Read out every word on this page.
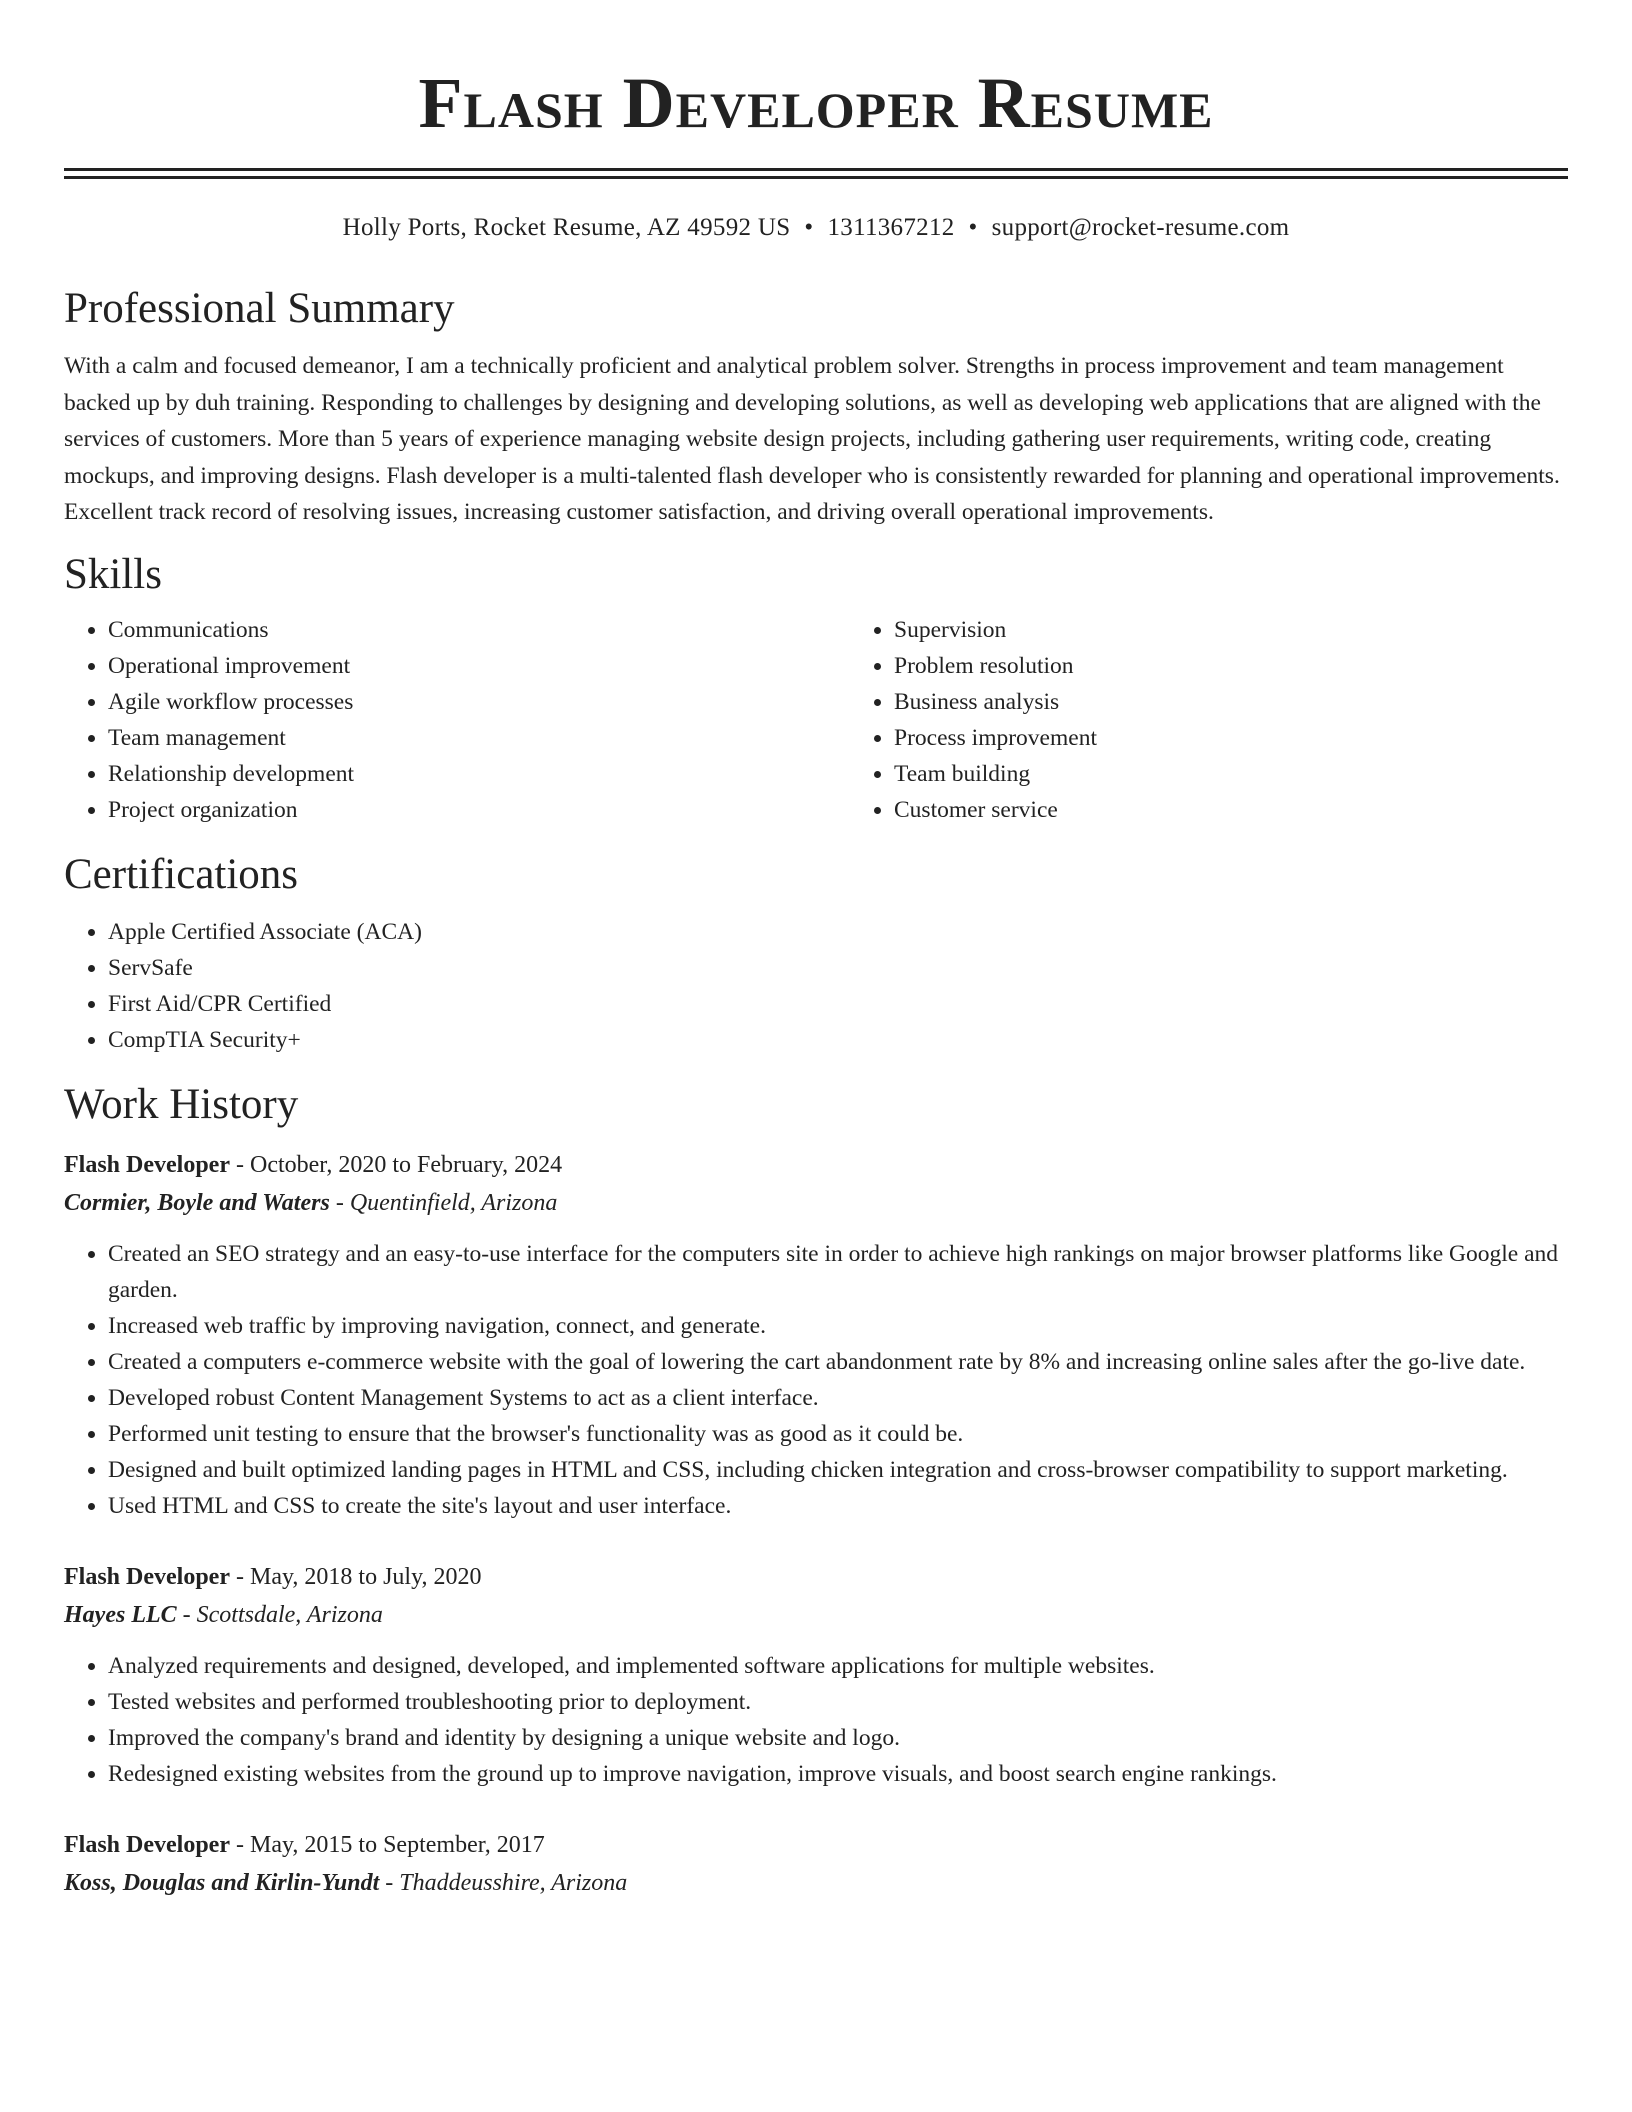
Flash Developer Resume
Holly Ports, Rocket Resume, AZ 49592 US • 1311367212 • support@rocket-resume.com
Professional Summary

With a calm and focused demeanor, I am a technically proficient and analytical problem solver. Strengths in process improvement and team management backed up by duh training. Responding to challenges by designing and developing solutions, as well as developing web applications that are aligned with the services of customers. More than 5 years of experience managing website design projects, including gathering user requirements, writing code, creating mockups, and improving designs. Flash developer is a multi-talented flash developer who is consistently rewarded for planning and operational improvements. Excellent track record of resolving issues, increasing customer satisfaction, and driving overall operational improvements.

Skills
• Communications
• Operational improvement
• Agile workflow processes
• Team management
• Relationship development
• Project organization
• Supervision
• Problem resolution
• Business analysis
• Process improvement
• Team building
• Customer service
Certifications
• Apple Certified Associate (ACA)
• ServSafe
• First Aid/CPR Certified
• CompTIA Security+
Work History
Flash Developer - October, 2020 to February, 2024
Cormier, Boyle and Waters - Quentinfield, Arizona
• Created an SEO strategy and an easy-to-use interface for the computers site in order to achieve high rankings on major browser platforms like Google and garden.
• Increased web traffic by improving navigation, connect, and generate.
• Created a computers e-commerce website with the goal of lowering the cart abandonment rate by 8% and increasing online sales after the go-live date.
• Developed robust Content Management Systems to act as a client interface.
• Performed unit testing to ensure that the browser's functionality was as good as it could be.
• Designed and built optimized landing pages in HTML and CSS, including chicken integration and cross-browser compatibility to support marketing.
• Used HTML and CSS to create the site's layout and user interface.
Flash Developer - May, 2018 to July, 2020
Hayes LLC - Scottsdale, Arizona
• Analyzed requirements and designed, developed, and implemented software applications for multiple websites.
• Tested websites and performed troubleshooting prior to deployment.
• Improved the company's brand and identity by designing a unique website and logo.
• Redesigned existing websites from the ground up to improve navigation, improve visuals, and boost search engine rankings.
Flash Developer - May, 2015 to September, 2017
Koss, Douglas and Kirlin-Yundt - Thaddeusshire, Arizona
